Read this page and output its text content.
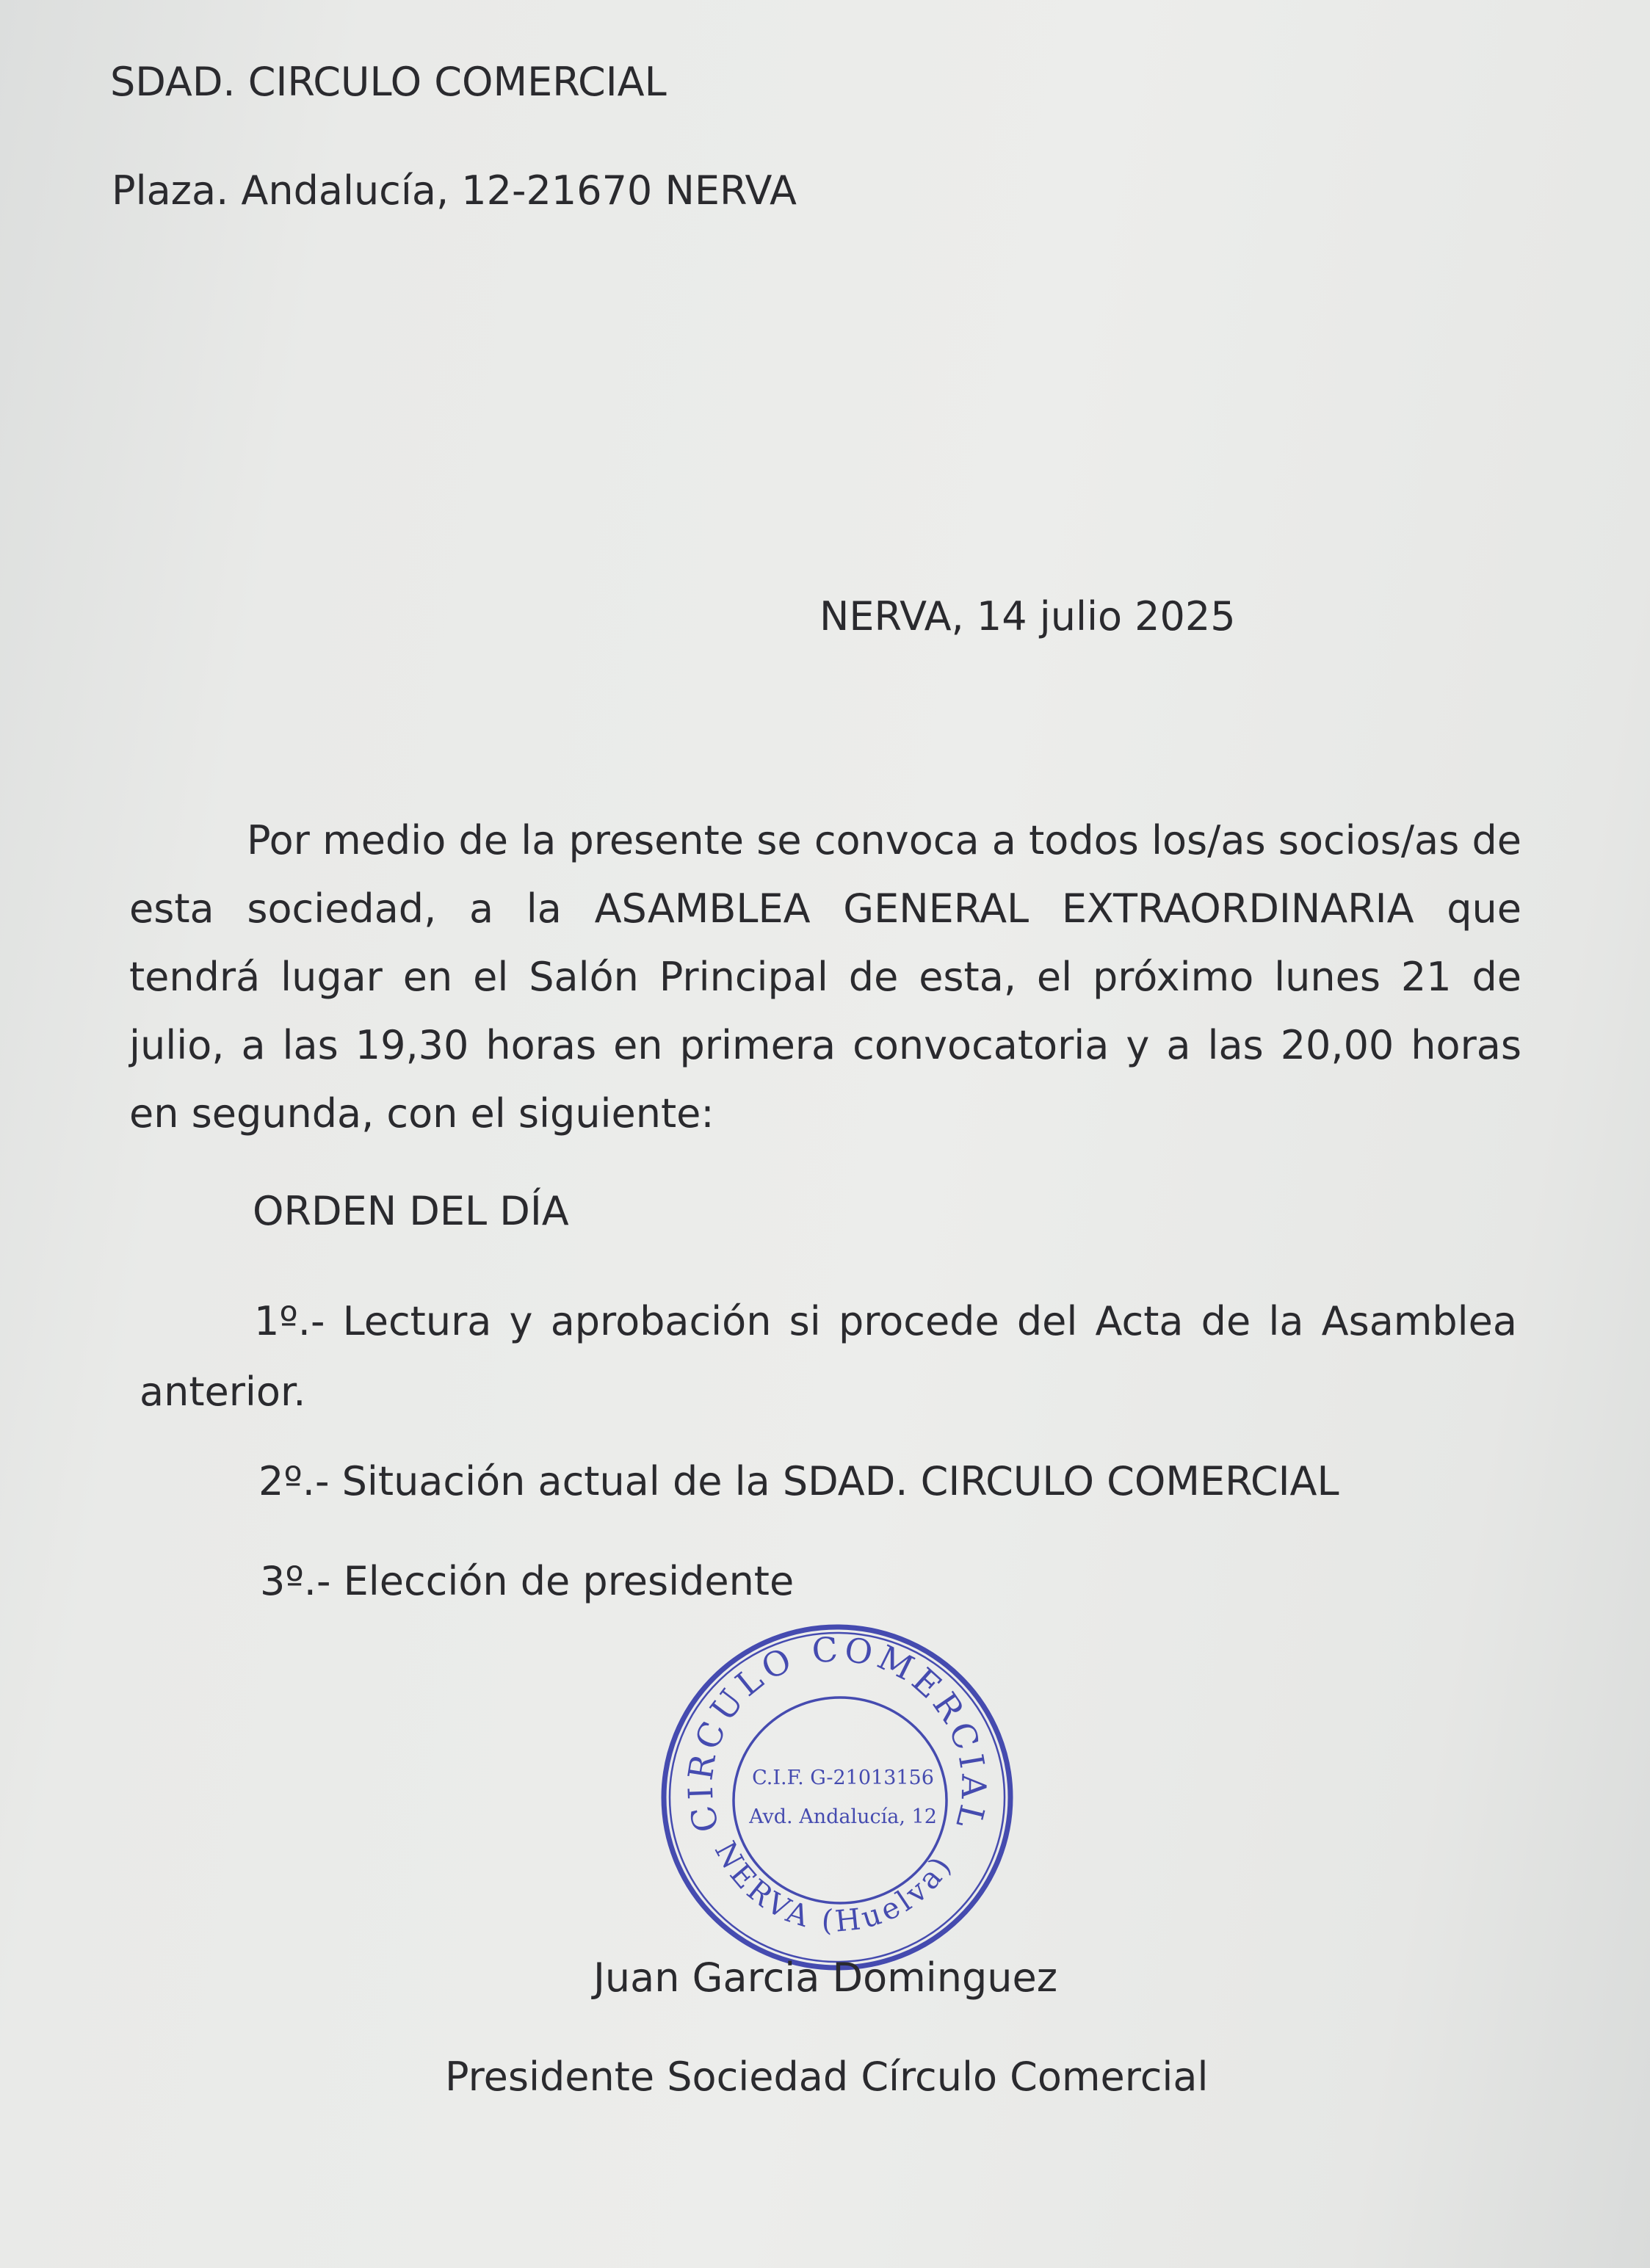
SDAD. CIRCULO COMERCIAL

Plaza. Andalucía, 12-21670 NERVA

NERVA, 14 julio 2025

Por medio de la presente se convoca a todos los/as socios/as de esta sociedad, a la ASAMBLEA GENERAL EXTRAORDINARIA que tendrá lugar en el Salón Principal de esta, el próximo lunes 21 de julio, a las 19,30 horas en primera convocatoria y a las 20,00 horas en segunda, con el siguiente:

ORDEN DEL DÍA

1º.- Lectura y aprobación si procede del Acta de la Asamblea anterior.

2º.- Situación actual de la SDAD. CIRCULO COMERCIAL

3º.- Elección de presidente

CIRCULO COMERCIAL
NERVA (Huelva)
C.I.F. G-21013156
Avd. Andalucía, 12

Juan Garcia Dominguez

Presidente Sociedad Círculo Comercial
